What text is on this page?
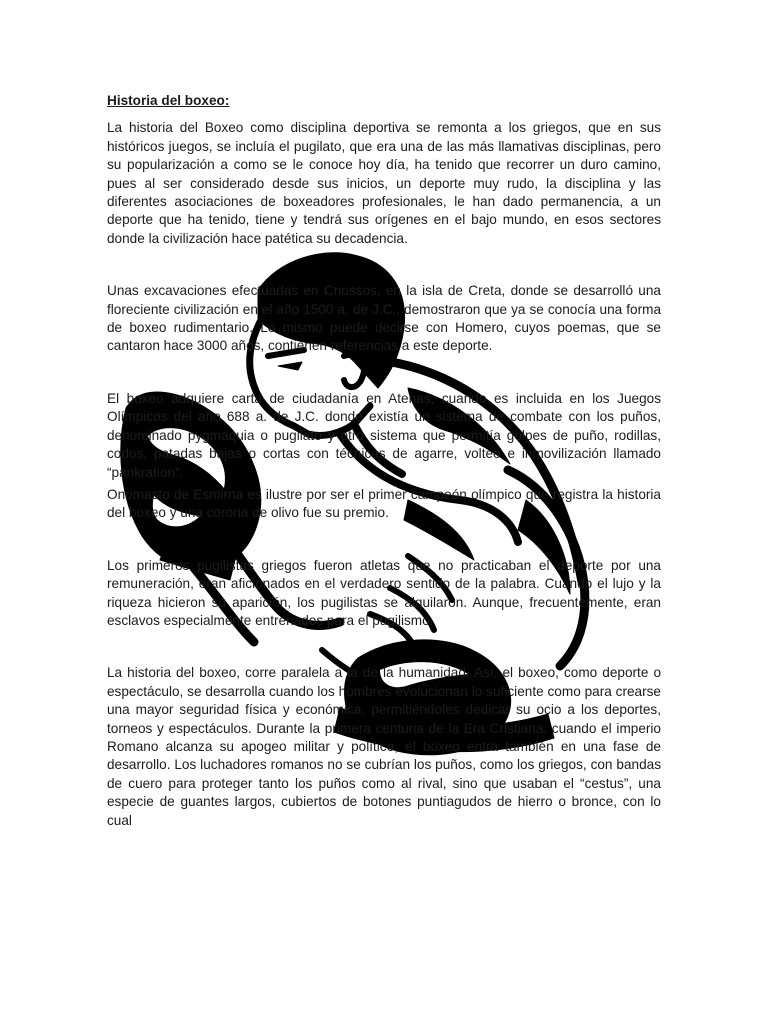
Historia del boxeo:

La historia del Boxeo como disciplina deportiva se remonta a los griegos, que en sus históricos juegos, se incluía el pugilato, que era una de las más llamativas disciplinas, pero su popularización a como se le conoce hoy día, ha tenido que recorrer un duro camino, pues al ser considerado desde sus inicios, un deporte muy rudo, la disciplina y las diferentes asociaciones de boxeadores profesionales, le han dado permanencia, a un deporte que ha tenido, tiene y tendrá sus orígenes en el bajo mundo, en esos sectores donde la civilización hace patética su decadencia.

Unas excavaciones efectuadas en Cnossos, en la isla de Creta, donde se desarrolló una floreciente civilización en el año 1500 a. de J.C., demostraron que ya se conocía una forma de boxeo rudimentario. Lo mismo puede decirse con Homero, cuyos poemas, que se cantaron hace 3000 años, contienen referencias a este deporte.

El boxeo adquiere carta de ciudadanía en Atenas, cuando es incluida en los Juegos Olímpicos del año 688 a. de J.C. donde existía un sistema de combate con los puños, denominado pygmaquia o pugilato y otro sistema que permitía golpes de puño, rodillas, codos, patadas bajas o cortas con técnicas de agarre, volteo e inmovilización llamado “pankration”.

Onomasto de Esmirna es ilustre por ser el primer campeón olímpico que registra la historia del boxeo y una corona de olivo fue su premio.

Los primeros pugilistas griegos fueron atletas que no practicaban el deporte por una remuneración, eran aficionados en el verdadero sentido de la palabra. Cuando el lujo y la riqueza hicieron su aparición, los pugilistas se alquilaron. Aunque, frecuentemente, eran esclavos especialmente entrenados para el pugilismo.

La historia del boxeo, corre paralela a la de la humanidad. Así, el boxeo, como deporte o espectáculo, se desarrolla cuando los hombres evolucionan lo suficiente como para crearse una mayor seguridad física y económica, permitiéndoles dedicar su ocio a los deportes, torneos y espectáculos. Durante la primera centuria de la Era Cristiana, cuando el imperio Romano alcanza su apogeo militar y político, el boxeo entra también en una fase de desarrollo. Los luchadores romanos no se cubrían los puños, como los griegos, con bandas de cuero para proteger tanto los puños como al rival, sino que usaban el “cestus”, una especie de guantes largos, cubiertos de botones puntiagudos de hierro o bronce, con lo cual
